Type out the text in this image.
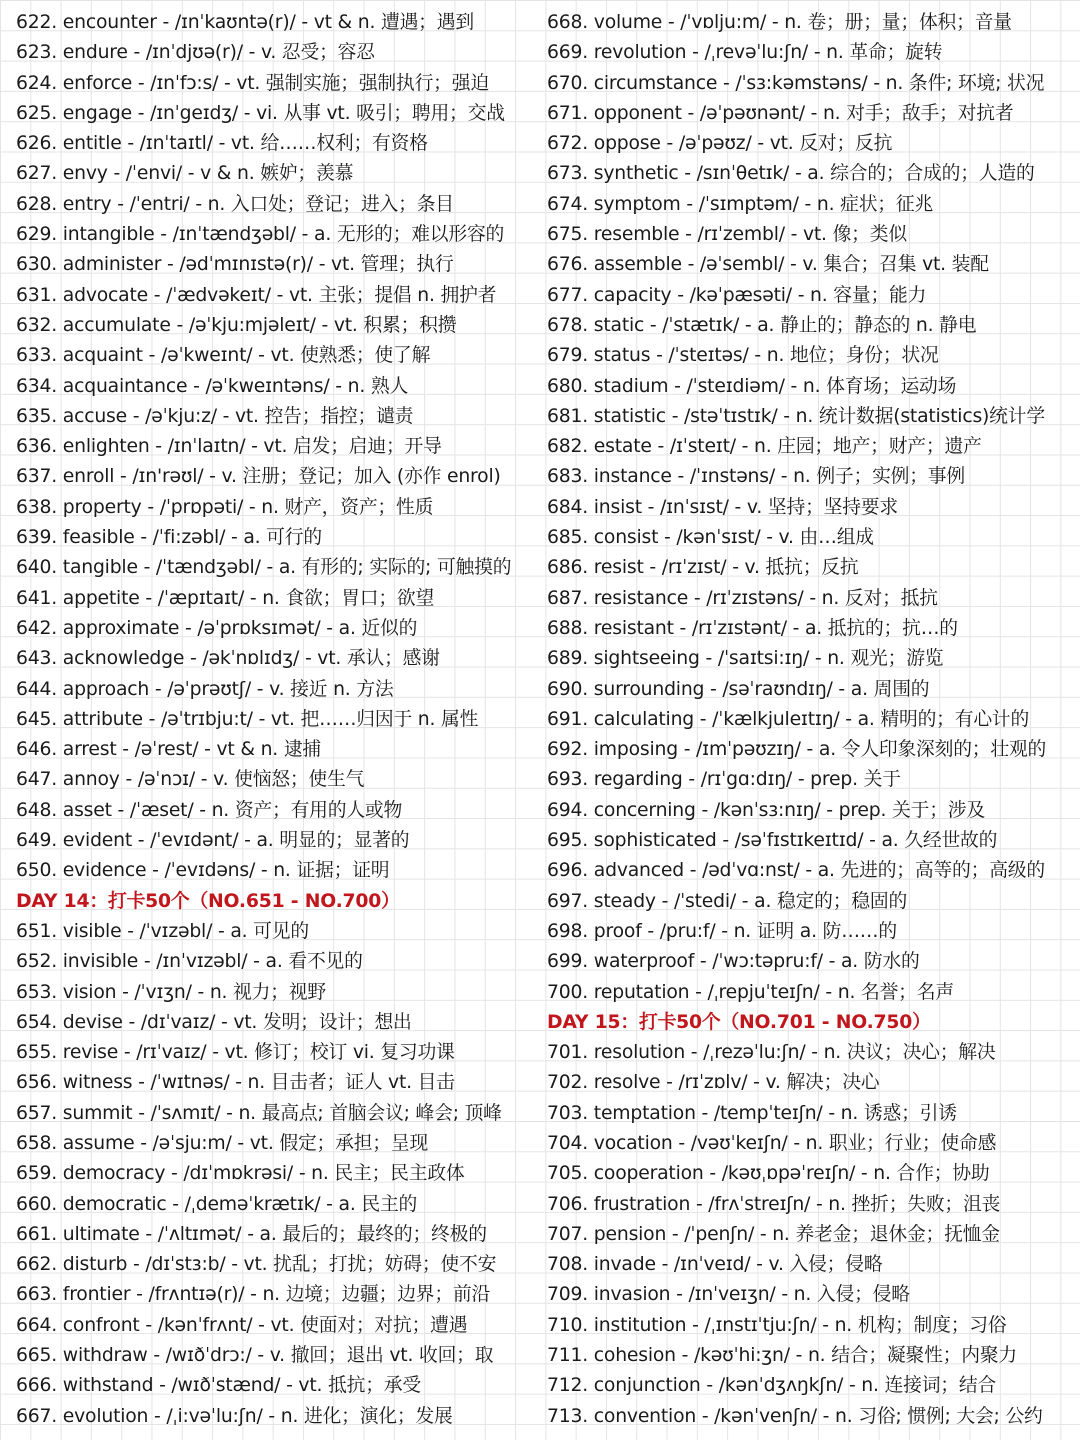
622. encounter - /ɪnˈkaʊntə(r)/ - vt & n. 遭遇；遇到
623. endure - /ɪnˈdjʊə(r)/ - v. 忍受；容忍
624. enforce - /ɪnˈfɔ:s/ - vt. 强制实施；强制执行；强迫
625. engage - /ɪnˈgeɪdʒ/ - vi. 从事 vt. 吸引；聘用；交战
626. entitle - /ɪnˈtaɪtl/ - vt. 给……权利；有资格
627. envy - /ˈenvi/ - v & n. 嫉妒；羡慕
628. entry - /ˈentri/ - n. 入口处；登记；进入；条目
629. intangible - /ɪnˈtændʒəbl/ - a. 无形的；难以形容的
630. administer - /ədˈmɪnɪstə(r)/ - vt. 管理；执行
631. advocate - /ˈædvəkeɪt/ - vt. 主张；提倡 n. 拥护者
632. accumulate - /əˈkju:mjəleɪt/ - vt. 积累；积攒
633. acquaint - /əˈkweɪnt/ - vt. 使熟悉；使了解
634. acquaintance - /əˈkweɪntəns/ - n. 熟人
635. accuse - /əˈkju:z/ - vt. 控告；指控；谴责
636. enlighten - /ɪnˈlaɪtn/ - vt. 启发；启迪；开导
637. enroll - /ɪn'rəʊl/ - v. 注册；登记；加入 (亦作 enrol)
638. property - /ˈprɒpəti/ - n. 财产，资产；性质
639. feasible - /ˈfi:zəbl/ - a. 可行的
640. tangible - /ˈtændʒəbl/ - a. 有形的; 实际的; 可触摸的
641. appetite - /ˈæpɪtaɪt/ - n. 食欲；胃口；欲望
642. approximate - /əˈprɒksɪmət/ - a. 近似的
643. acknowledge - /əkˈnɒlɪdʒ/ - vt. 承认；感谢
644. approach - /əˈprəʊtʃ/ - v. 接近 n. 方法
645. attribute - /əˈtrɪbju:t/ - vt. 把……归因于 n. 属性
646. arrest - /əˈrest/ - vt & n. 逮捕
647. annoy - /əˈnɔɪ/ - v. 使恼怒；使生气
648. asset - /ˈæset/ - n. 资产；有用的人或物
649. evident - /ˈevɪdənt/ - a. 明显的；显著的
650. evidence - /ˈevɪdəns/ - n. 证据；证明
DAY 14：打卡50个（NO.651 - NO.700）
651. visible - /ˈvɪzəbl/ - a. 可见的
652. invisible - /ɪnˈvɪzəbl/ - a. 看不见的
653. vision - /ˈvɪʒn/ - n. 视力；视野
654. devise - /dɪˈvaɪz/ - vt. 发明；设计；想出
655. revise - /rɪˈvaɪz/ - vt. 修订；校订 vi. 复习功课
656. witness - /ˈwɪtnəs/ - n. 目击者；证人 vt. 目击
657. summit - /ˈsʌmɪt/ - n. 最高点; 首脑会议; 峰会; 顶峰
658. assume - /əˈsju:m/ - vt. 假定；承担；呈现
659. democracy - /dɪˈmɒkrəsi/ - n. 民主；民主政体
660. democratic - /ˌdeməˈkrætɪk/ - a. 民主的
661. ultimate - /ˈʌltɪmət/ - a. 最后的；最终的；终极的
662. disturb - /dɪˈstɜ:b/ - vt. 扰乱；打扰；妨碍；使不安
663. frontier - /frʌntɪə(r)/ - n. 边境；边疆；边界；前沿
664. confront - /kənˈfrʌnt/ - vt. 使面对；对抗；遭遇
665. withdraw - /wɪðˈdrɔ:/ - v. 撤回；退出 vt. 收回；取
666. withstand - /wɪðˈstænd/ - vt. 抵抗；承受
667. evolution - /ˌi:vəˈlu:ʃn/ - n. 进化；演化；发展
668. volume - /ˈvɒlju:m/ - n. 卷；册；量；体积；音量
669. revolution - /ˌrevəˈlu:ʃn/ - n. 革命；旋转
670. circumstance - /ˈsɜ:kəmstəns/ - n. 条件; 环境; 状况
671. opponent - /əˈpəʊnənt/ - n. 对手；敌手；对抗者
672. oppose - /əˈpəʊz/ - vt. 反对；反抗
673. synthetic - /sɪnˈθetɪk/ - a. 综合的；合成的；人造的
674. symptom - /ˈsɪmptəm/ - n. 症状；征兆
675. resemble - /rɪˈzembl/ - vt. 像；类似
676. assemble - /əˈsembl/ - v. 集合；召集 vt. 装配
677. capacity - /kəˈpæsəti/ - n. 容量；能力
678. static - /ˈstætɪk/ - a. 静止的；静态的 n. 静电
679. status - /ˈsteɪtəs/ - n. 地位；身份；状况
680. stadium - /ˈsteɪdiəm/ - n. 体育场；运动场
681. statistic - /stəˈtɪstɪk/ - n. 统计数据(statistics)统计学
682. estate - /ɪˈsteɪt/ - n. 庄园；地产；财产；遗产
683. instance - /ˈɪnstəns/ - n. 例子；实例；事例
684. insist - /ɪnˈsɪst/ - v. 坚持；坚持要求
685. consist - /kənˈsɪst/ - v. 由…组成
686. resist - /rɪˈzɪst/ - v. 抵抗；反抗
687. resistance - /rɪˈzɪstəns/ - n. 反对；抵抗
688. resistant - /rɪˈzɪstənt/ - a. 抵抗的；抗…的
689. sightseeing - /ˈsaɪtsi:ɪŋ/ - n. 观光；游览
690. surrounding - /səˈraʊndɪŋ/ - a. 周围的
691. calculating - /ˈkælkjuleɪtɪŋ/ - a. 精明的；有心计的
692. imposing - /ɪmˈpəʊzɪŋ/ - a. 令人印象深刻的；壮观的
693. regarding - /rɪˈgɑ:dɪŋ/ - prep. 关于
694. concerning - /kənˈsɜ:nɪŋ/ - prep. 关于；涉及
695. sophisticated - /səˈfɪstɪkeɪtɪd/ - a. 久经世故的
696. advanced - /ədˈvɑ:nst/ - a. 先进的；高等的；高级的
697. steady - /ˈstedi/ - a. 稳定的；稳固的
698. proof - /pru:f/ - n. 证明 a. 防……的
699. waterproof - /ˈwɔ:təpru:f/ - a. 防水的
700. reputation - /ˌrepjuˈteɪʃn/ - n. 名誉；名声
DAY 15：打卡50个（NO.701 - NO.750）
701. resolution - /ˌrezəˈlu:ʃn/ - n. 决议；决心；解决
702. resolve - /rɪˈzɒlv/ - v. 解决；决心
703. temptation - /tempˈteɪʃn/ - n. 诱惑；引诱
704. vocation - /vəʊˈkeɪʃn/ - n. 职业；行业；使命感
705. cooperation - /kəʊˌɒpəˈreɪʃn/ - n. 合作；协助
706. frustration - /frʌˈstreɪʃn/ - n. 挫折；失败；沮丧
707. pension - /ˈpenʃn/ - n. 养老金；退休金；抚恤金
708. invade - /ɪnˈveɪd/ - v. 入侵；侵略
709. invasion - /ɪnˈveɪʒn/ - n. 入侵；侵略
710. institution - /ˌɪnstɪˈtju:ʃn/ - n. 机构；制度；习俗
711. cohesion - /kəʊˈhi:ʒn/ - n. 结合；凝聚性；内聚力
712. conjunction - /kənˈdʒʌŋkʃn/ - n. 连接词；结合
713. convention - /kənˈvenʃn/ - n. 习俗; 惯例; 大会; 公约
